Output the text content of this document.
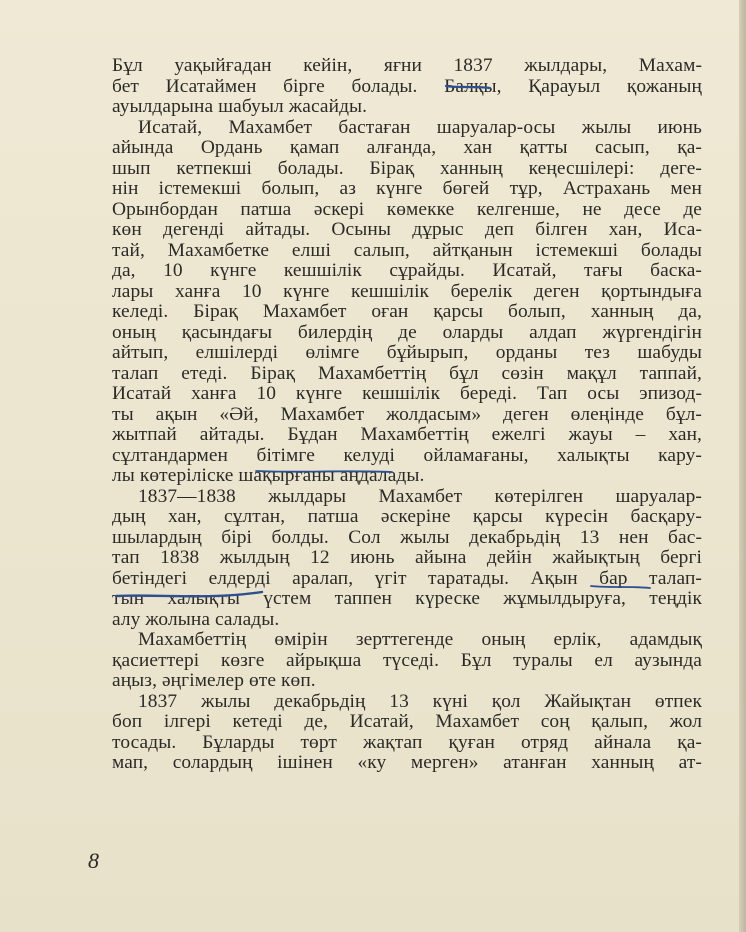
Бұл уақыйғадан кейін, яғни 1837 жылдары, Махам-
бет Исатаймен бірге болады. Балқы, Қарауыл қожаның
ауылдарына шабуыл жасайды.
Исатай, Махамбет бастаған шаруалар-осы жылы июнь
айында Ордань қамап алғанда, хан қатты сасып, қа-
шып кетпекші болады. Бірақ ханның кеңесшілері: деге-
нін істемекші болып, аз күнге бөгей тұр, Астрахань мен
Орынбордан патша әскері көмекке келгенше, не десе де
көн дегенді айтады. Осыны дұрыс деп білген хан, Иса-
тай, Махамбетке елші салып, айтқанын істемекші болады
да, 10 күнге кешшілік сұрайды. Исатай, тағы баска-
лары ханға 10 күнге кешшілік берелік деген қортындыға
келеді. Бірақ Махамбет оған қарсы болып, ханның да,
оның қасындағы билердің де оларды алдап жүргендігін
айтып, елшілерді өлімге бұйырып, орданы тез шабуды
талап етеді. Бірақ Махамбеттің бұл сөзін мақұл таппай,
Исатай ханға 10 күнге кешшілік береді. Тап осы эпизод-
ты ақын «Әй, Махамбет жолдасым» деген өлеңінде бұл-
жытпай айтады. Бұдан Махамбеттің ежелгі жауы – хан,
сұлтандармен бітімге келуді ойламағаны, халықты кару-
лы көтеріліске шақырғаны аңдалады.
1837—1838 жылдары Махамбет көтерілген шаруалар-
дың хан, сұлтан, патша әскеріне қарсы күресін басқару-
шылардың бірі болды. Сол жылы декабрьдің 13 нен бас-
тап 1838 жылдың 12 июнь айына дейін жайықтың бергі
бетіндегі елдерді аралап, үгіт таратады. Ақын бар талап-
тын халықты үстем таппен күреске жұмылдыруға, теңдік
алу жолына салады.
Махамбеттің өмірін зерттегенде оның ерлік, адамдық
қасиеттері көзге айрықша түседі. Бұл туралы ел аузында
аңыз, әңгімелер өте көп.
1837 жылы декабрьдің 13 күні қол Жайықтан өтпек
боп ілгері кетеді де, Исатай, Махамбет соң қалып, жол
тосады. Бұларды төрт жақтап қуған отряд айнала қа-
мап, солардың ішінен «ку мерген» атанған ханның ат-
8
